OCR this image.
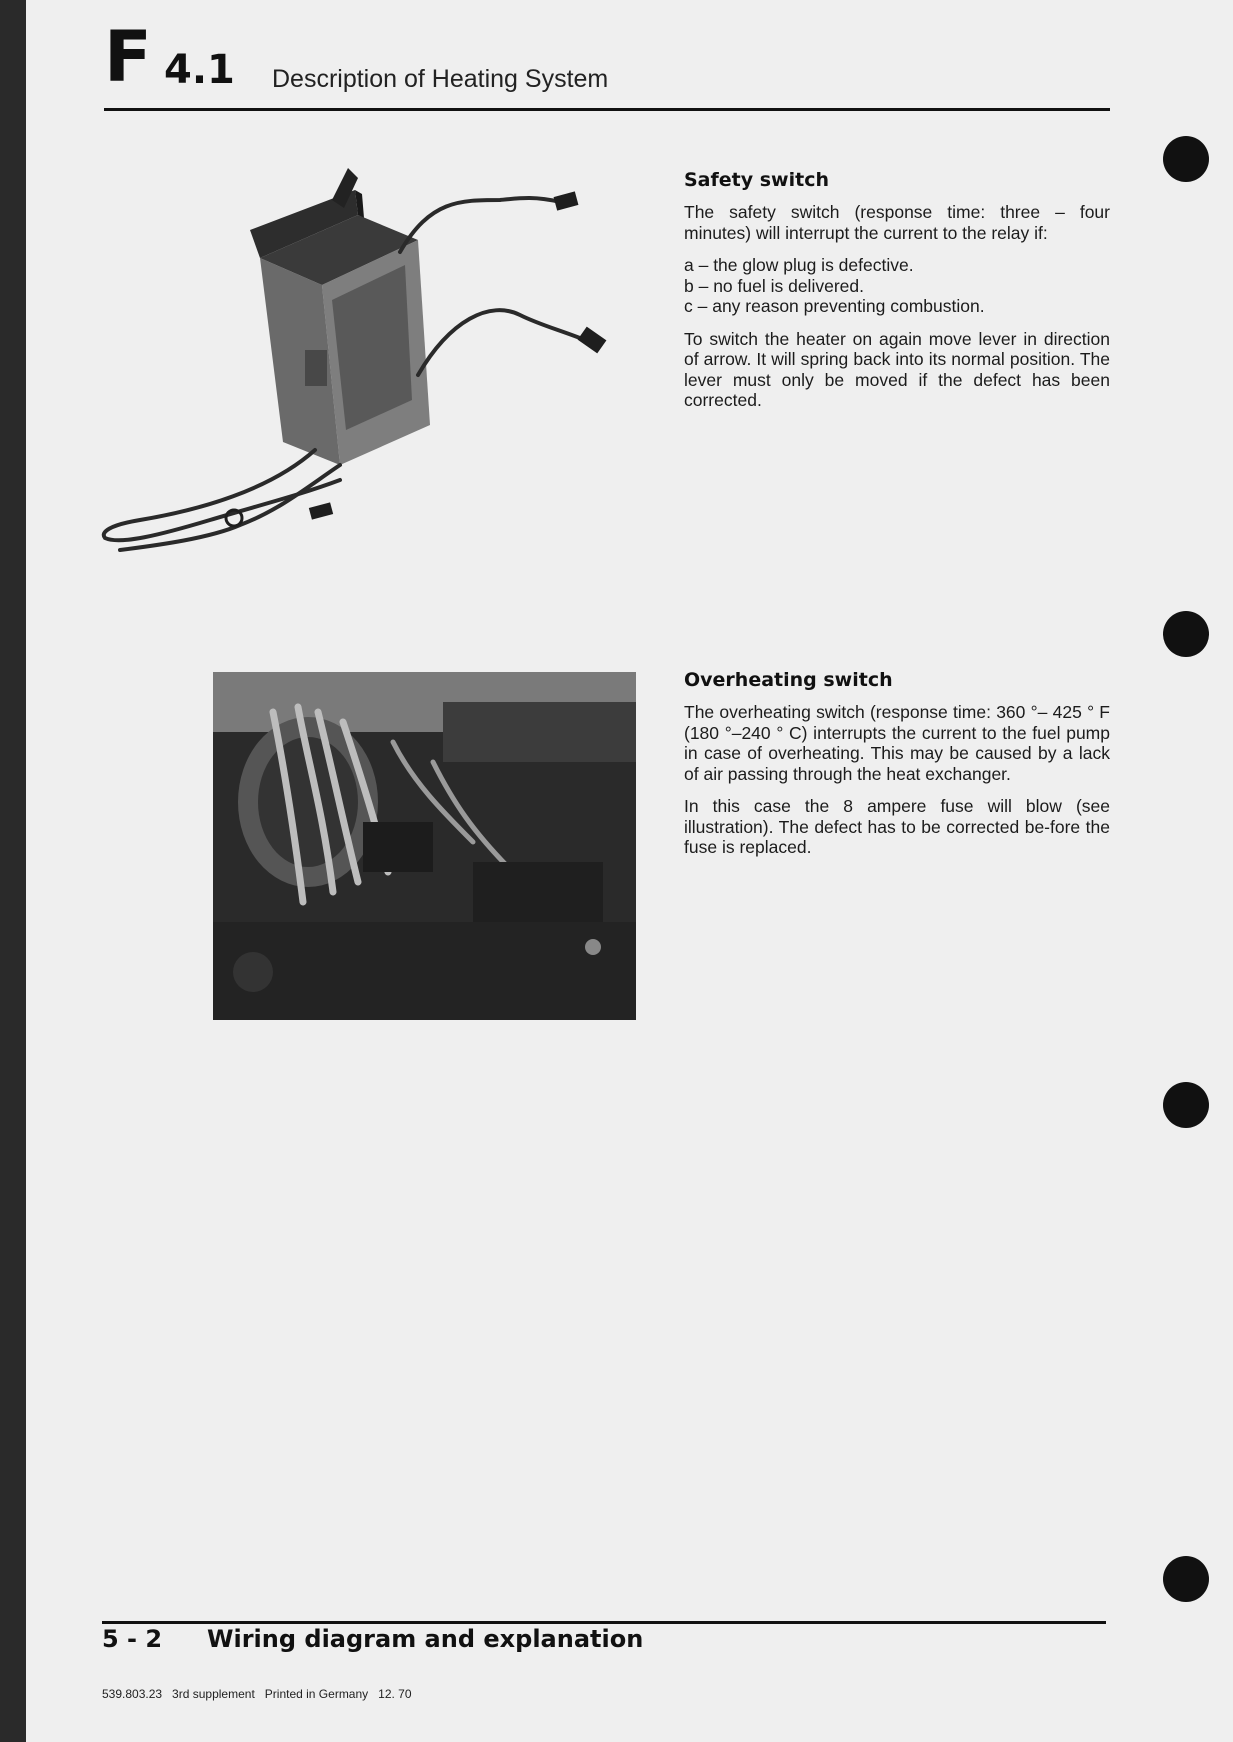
F 4.1 Description of Heating System
Safety switch

The safety switch (response time: three – four minutes) will interrupt the current to the relay if:

a – the glow plug is defective.
b – no fuel is delivered.
c – any reason preventing combustion.

To switch the heater on again move lever in direction of arrow. It will spring back into its normal position. The lever must only be moved if the defect has been corrected.

Overheating switch

The overheating switch (response time: 360 °– 425 ° F (180 °–240 ° C) interrupts the current to the fuel pump in case of overheating. This may be caused by a lack of air passing through the heat exchanger.

In this case the 8 ampere fuse will blow (see illustration). The defect has to be corrected be-fore the fuse is replaced.

5 - 2 Wiring diagram and explanation
539.803.23   3rd supplement   Printed in Germany   12. 70
